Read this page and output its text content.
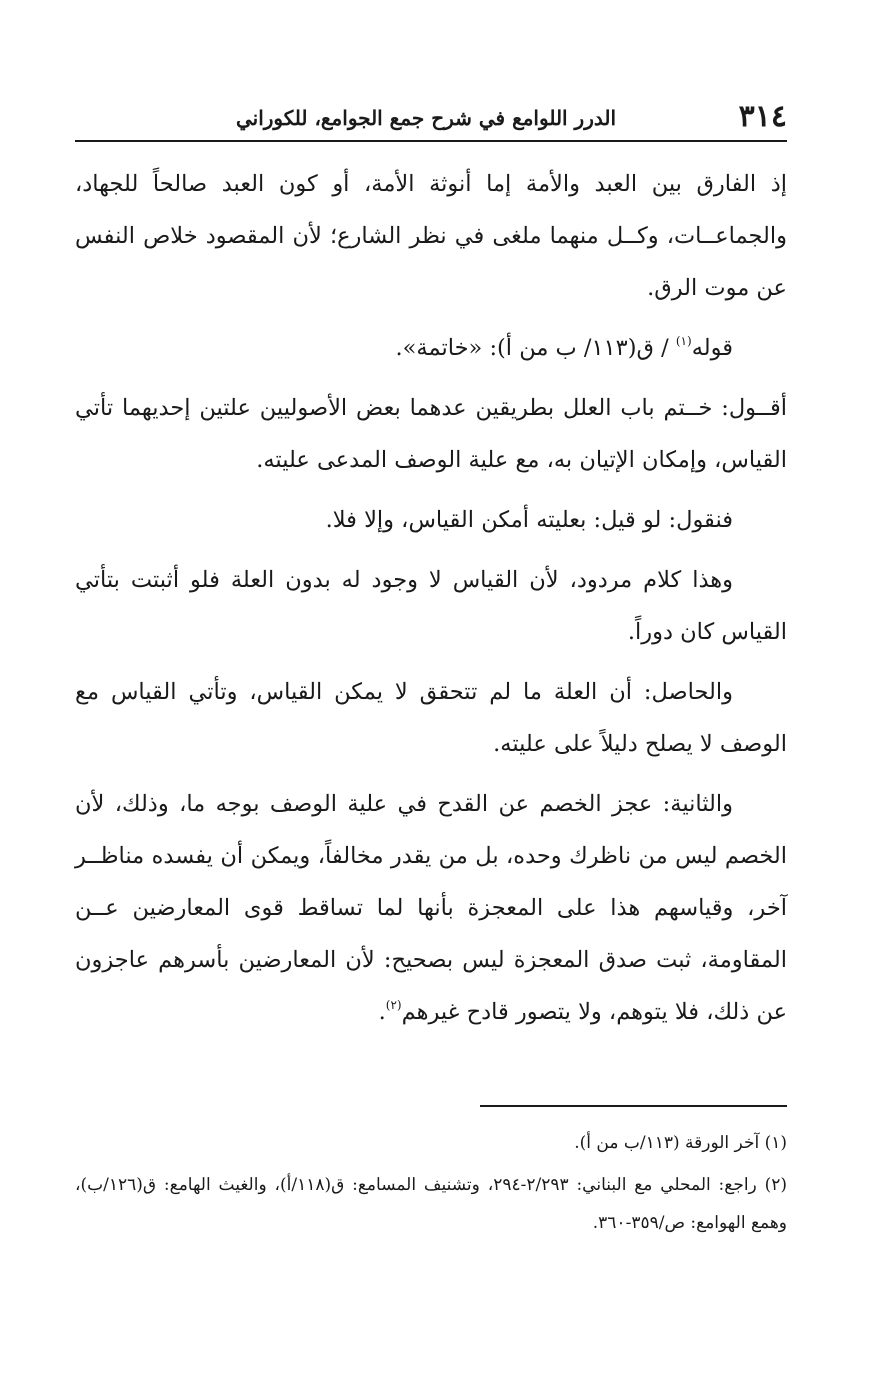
٣١٤
الدرر اللوامع في شرح جمع الجوامع، للكوراني

إذ الفارق بين العبد والأمة إما أنوثة الأمة، أو كون العبد صالحاً للجهاد، والجماعــات، وكــل منهما ملغى في نظر الشارع؛ لأن المقصود خلاص النفس عن موت الرق.

قوله$^{(١)}$ / ق(١١٣/ ب من أ): «خاتمة».

أقــول: خــتم باب العلل بطريقين عدهما بعض الأصوليين علتين إحديهما تأتي القياس، وإمكان الإتيان به، مع علية الوصف المدعى عليته.

فنقول: لو قيل: بعليته أمكن القياس، وإلا فلا.

وهذا كلام مردود، لأن القياس لا وجود له بدون العلة فلو أثبتت بتأتي القياس كان دوراً.

والحاصل: أن العلة ما لم تتحقق لا يمكن القياس، وتأتي القياس مع الوصف لا يصلح دليلاً على عليته.

والثانية: عجز الخصم عن القدح في علية الوصف بوجه ما، وذلك، لأن الخصم ليس من ناظرك وحده، بل من يقدر مخالفاً، ويمكن أن يفسده مناظــر آخر، وقياسهم هذا على المعجزة بأنها لما تساقط قوى المعارضين عــن المقاومة، ثبت صدق المعجزة ليس بصحيح: لأن المعارضين بأسرهم عاجزون عن ذلك، فلا يتوهم، ولا يتصور قادح غيرهم$^{(٢)}$.

(١) آخر الورقة (١١٣/ب من أ).

(٢) راجع: المحلي مع البناني: ٢/٢٩٣-٢٩٤، وتشنيف المسامع: ق(١١٨/أ)، والغيث الهامع: ق(١٢٦/ب)، وهمع الهوامع: ص/٣٥٩-٣٦٠.
